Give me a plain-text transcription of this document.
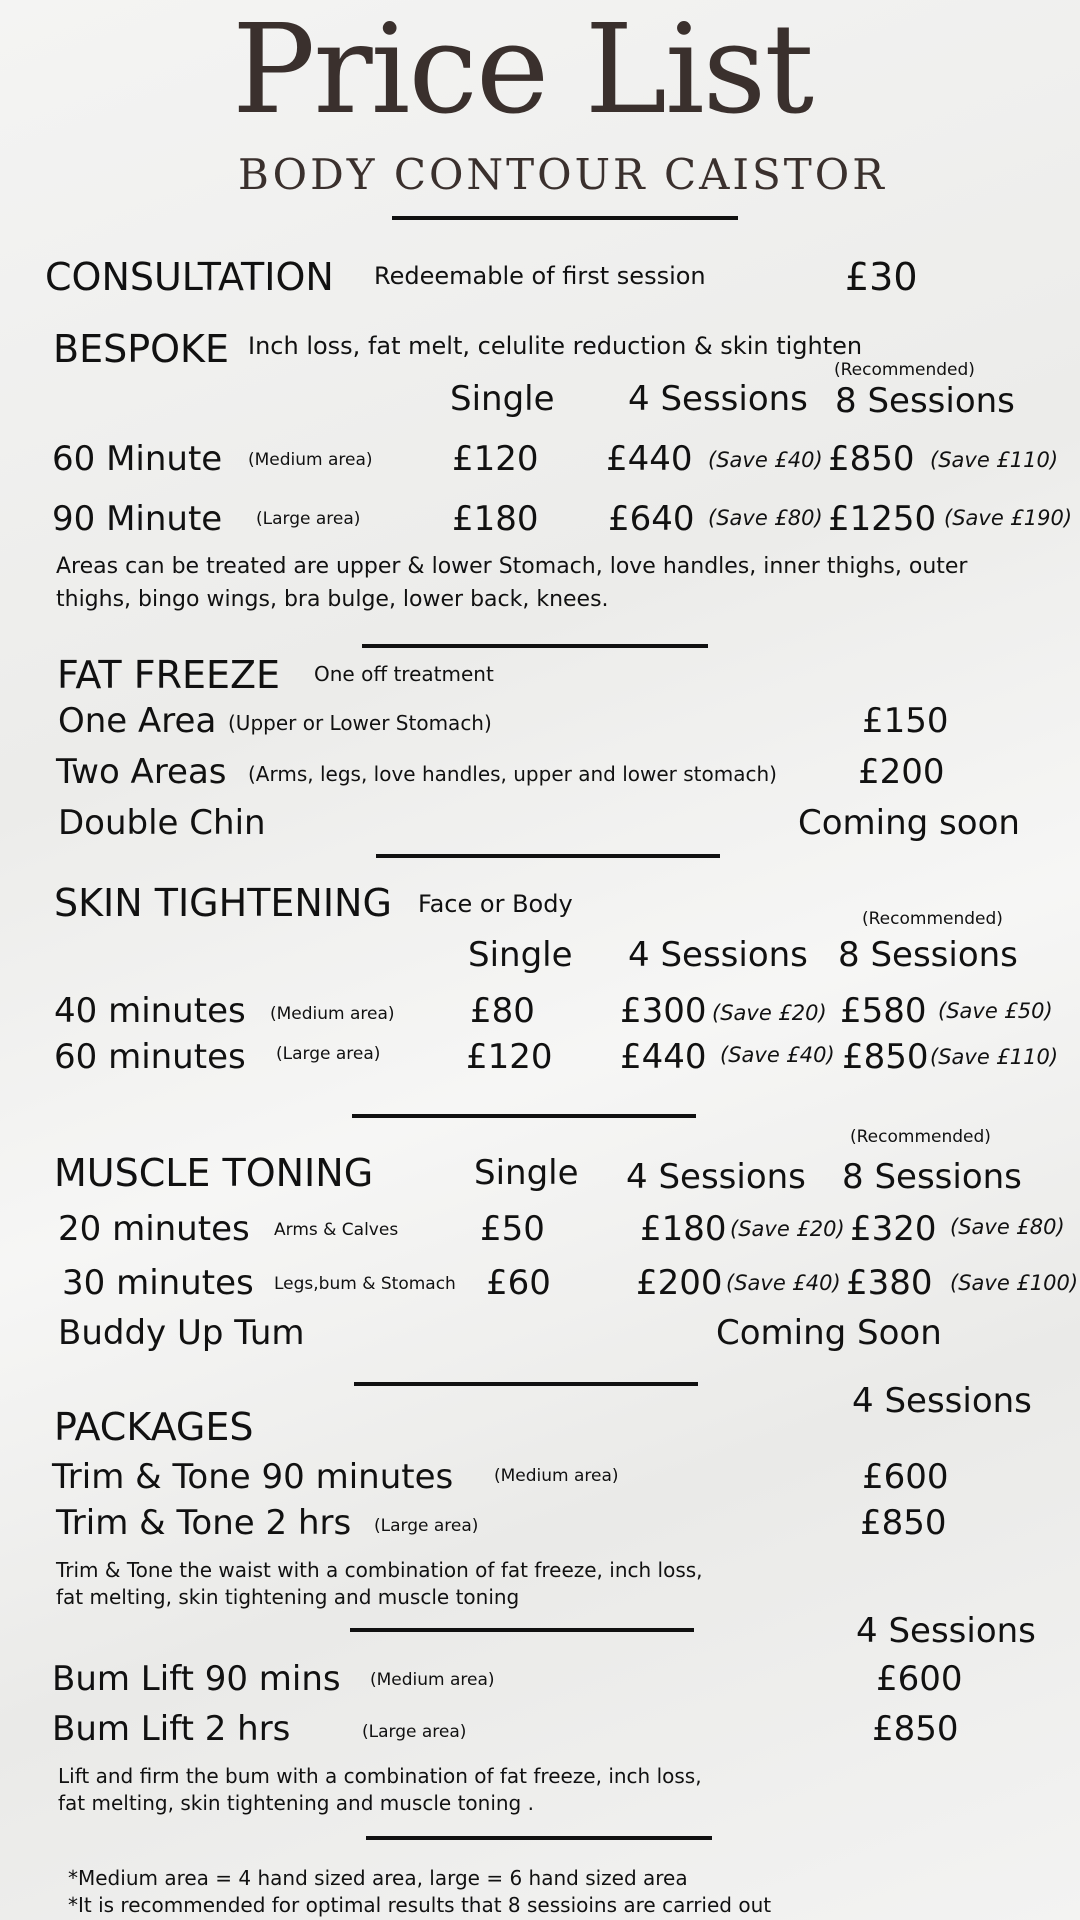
Price List
BODY CONTOUR CAISTOR
CONSULTATION Redeemable of first session	£30
BESPOKE Inch loss, fat melt, celulite reduction & skin tighten
(Recommended)
Single 4 Sessions 8 Sessions
60 Minute (Medium area) £120 £440 (Save £40) £850 (Save £110)
90 Minute (Large area)	£180 £640 (Save £80) £1250 (Save £190)
Areas can be treated are upper & lower Stomach, love handles, inner thighs, outer
thighs, bingo wings, bra bulge, lower back, knees.
FAT FREEZE One off treatment
One Area (Upper or Lower Stomach)	£150
Two Areas (Arms, legs, love handles, upper and lower stomach) £200
Double Chin	Coming soon
SKIN TIGHTENING Face or Body
(Recommended)
Single 4 Sessions 8 Sessions
40 minutes (Medium area) £80	£300 (Save £20) £580 (Save £50)
60 minutes (Large area)	£120 £440 (Save £40) £850 (Save £110)
(Recommended)
MUSCLE TONING	Single 4 Sessions 8 Sessions
20 minutes Arms & Calves £50	£180 (Save £20) £320 (Save £80)
30 minutes Legs,bum & Stomach £60	£200 (Save £40) £380 (Save £100)
Buddy Up Tum	Coming Soon
4 Sessions
PACKAGES
Trim & Tone 90 minutes (Medium area)	£600
Trim & Tone 2 hrs (Large area)	£850
Trim & Tone the waist with a combination of fat freeze, inch loss,
fat melting, skin tightening and muscle toning
4 Sessions
Bum Lift 90 mins (Medium area)	£600
Bum Lift 2 hrs	(Large area)	£850
Lift and firm the bum with a combination of fat freeze, inch loss,
fat melting, skin tightening and muscle toning .
*Medium area = 4 hand sized area, large = 6 hand sized area
*It is recommended for optimal results that 8 sessioins are carried out
